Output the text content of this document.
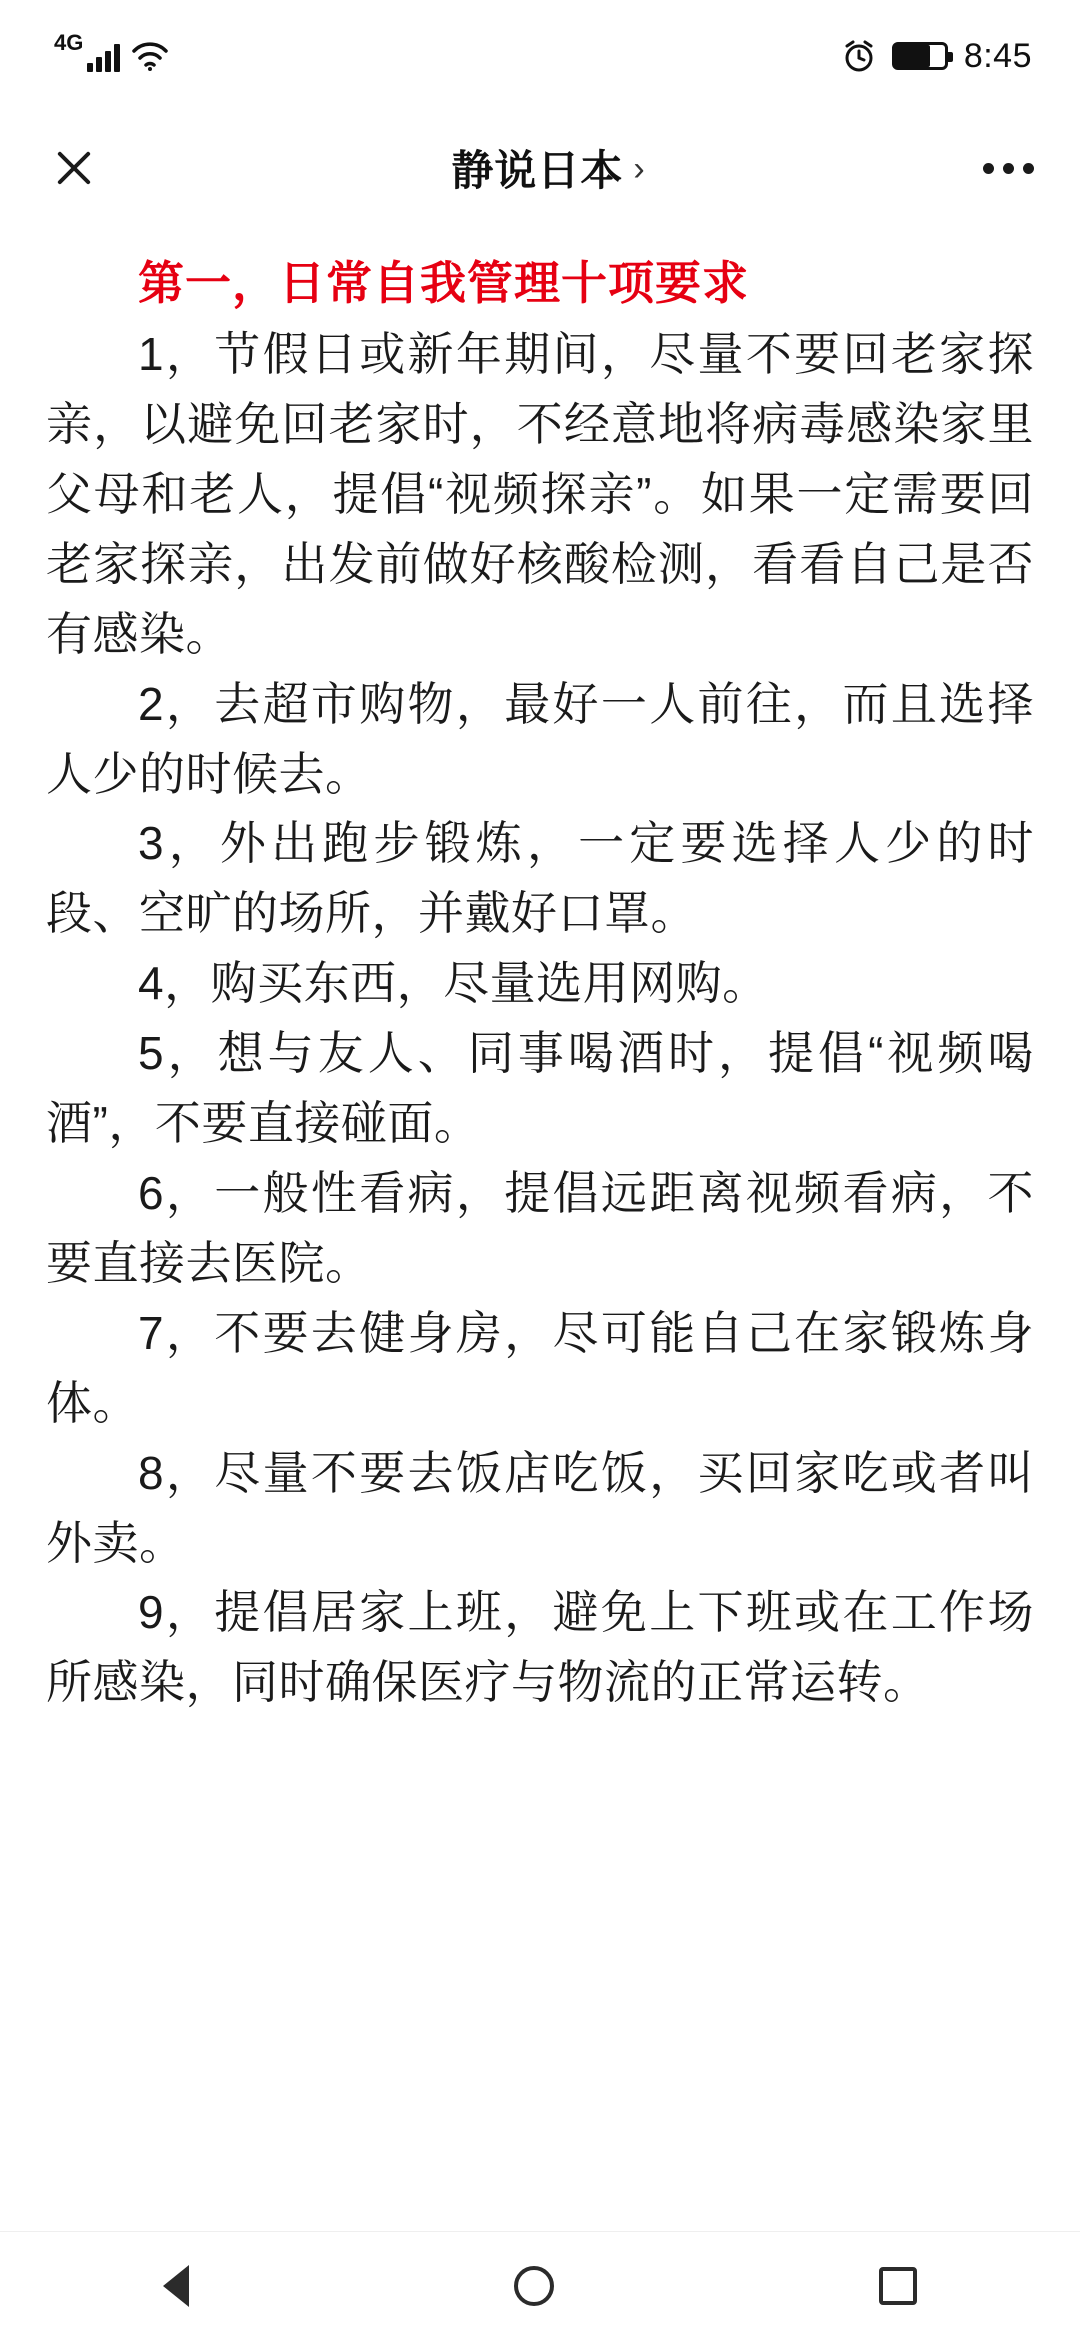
4G	8:45
静说日本 ›

第一，日常自我管理十项要求

1，节假日或新年期间，尽量不要回老家探亲，以避免回老家时，不经意地将病毒感染家里父母和老人，提倡“视频探亲”。如果一定需要回老家探亲，出发前做好核酸检测，看看自己是否有感染。

2，去超市购物，最好一人前往，而且选择人少的时候去。

3，外出跑步锻炼，一定要选择人少的时段、空旷的场所，并戴好口罩。

4，购买东西，尽量选用网购。

5，想与友人、同事喝酒时，提倡“视频喝酒”，不要直接碰面。

6，一般性看病，提倡远距离视频看病，不要直接去医院。

7，不要去健身房，尽可能自己在家锻炼身体。

8，尽量不要去饭店吃饭，买回家吃或者叫外卖。

9，提倡居家上班，避免上下班或在工作场所感染，同时确保医疗与物流的正常运转。
